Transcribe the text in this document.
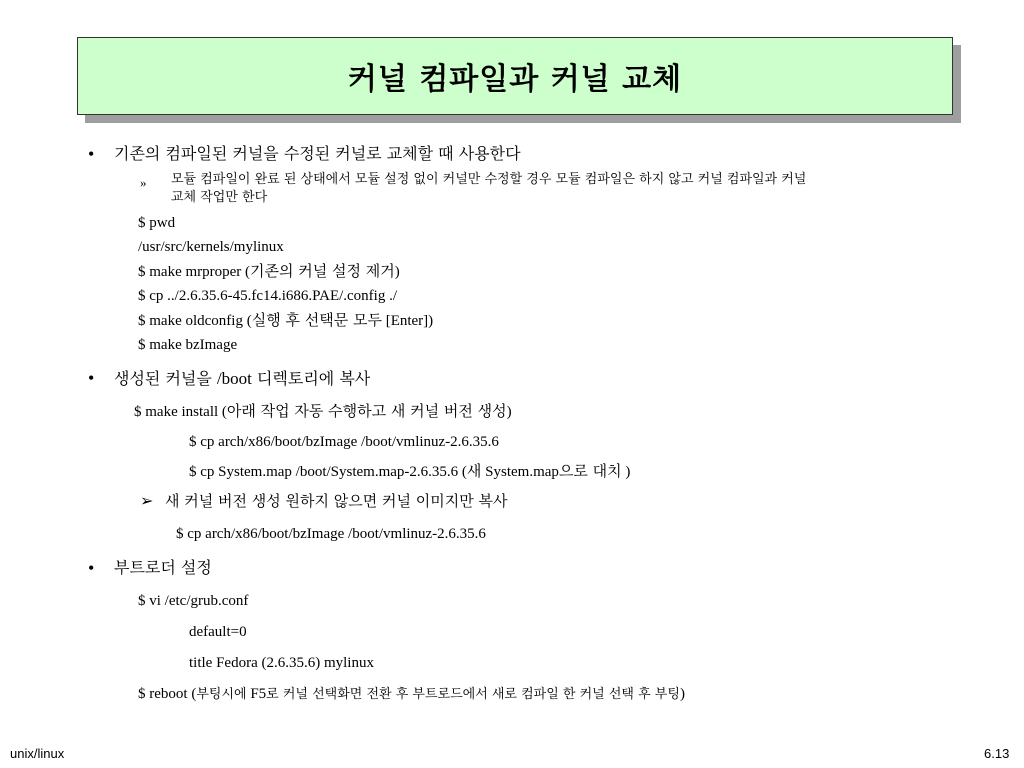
커널 컴파일과 커널 교체
• 기존의 컴파일된 커널을 수정된 커널로 교체할 때 사용한다
» 모듈 컴파일이 완료 된 상태에서 모듈 설정 없이 커널만 수정할 경우 모듈 컴파일은 하지 않고 커널 컴파일과 커널
교체 작업만 한다
$ pwd
/usr/src/kernels/mylinux
$ make mrproper (기존의 커널 설정 제거)
$ cp ../2.6.35.6-45.fc14.i686.PAE/.config ./
$ make oldconfig (실행 후 선택문 모두 [Enter])
$ make bzImage
• 생성된 커널을 /boot 디렉토리에 복사
$ make install (아래 작업 자동 수행하고 새 커널 버전 생성)
$ cp arch/x86/boot/bzImage /boot/vmlinuz-2.6.35.6
$ cp System.map /boot/System.map-2.6.35.6 (새 System.map으로 대치 )
➢ 새 커널 버전 생성 원하지 않으면 커널 이미지만 복사
$ cp arch/x86/boot/bzImage /boot/vmlinuz-2.6.35.6
• 부트로더 설정
$ vi /etc/grub.conf
default=0
title Fedora (2.6.35.6) mylinux
$ reboot (부팅시에 F5로 커널 선택화면 전환 후 부트로드에서 새로 컴파일 한 커널 선택 후 부팅)
unix/linux	6.13
